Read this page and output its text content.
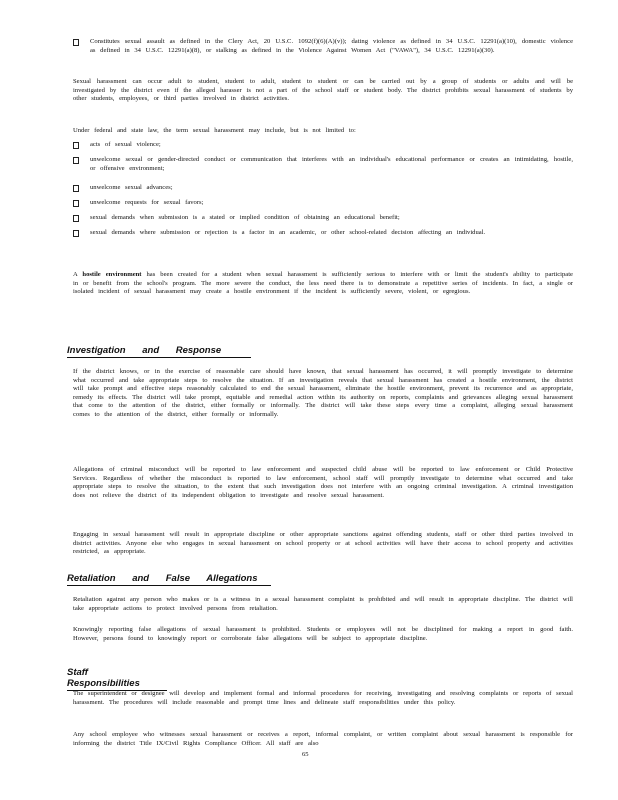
Constitutes sexual assault as defined in the Clery Act, 20 U.S.C. 1092(f)(6)(A)(v)); dating violence as defined in 34 U.S.C. 12291(a)(10), domestic violence as defined in 34 U.S.C. 12291(a)(8), or stalking as defined in the Violence Against Women Act ("VAWA"), 34 U.S.C. 12291(a)(30).
Sexual harassment can occur adult to student, student to adult, student to student or can be carried out by a group of students or adults and will be investigated by the district even if the alleged harasser is not a part of the school staff or student body. The district prohibits sexual harassment of students by other students, employees, or third parties involved in district activities.
Under federal and state law, the term sexual harassment may include, but is not limited to:
acts of sexual violence;
unwelcome sexual or gender-directed conduct or communication that interferes with an individual's educational performance or creates an intimidating, hostile, or offensive environment;
unwelcome sexual advances;
unwelcome requests for sexual favors;
sexual demands when submission is a stated or implied condition of obtaining an educational benefit;
sexual demands where submission or rejection is a factor in an academic, or other school-related decision affecting an individual.
A hostile environment has been created for a student when sexual harassment is sufficiently serious to interfere with or limit the student's ability to participate in or benefit from the school's program. The more severe the conduct, the less need there is to demonstrate a repetitive series of incidents. In fact, a single or isolated incident of sexual harassment may create a hostile environment if the incident is sufficiently severe, violent, or egregious.
Investigation and Response
If the district knows, or in the exercise of reasonable care should have known, that sexual harassment has occurred, it will promptly investigate to determine what occurred and take appropriate steps to resolve the situation. If an investigation reveals that sexual harassment has created a hostile environment, the district will take prompt and effective steps reasonably calculated to end the sexual harassment, eliminate the hostile environment, prevent its recurrence and as appropriate, remedy its effects. The district will take prompt, equitable and remedial action within its authority on reports, complaints and grievances alleging sexual harassment that come to the attention of the district, either formally or informally. The district will take these steps every time a complaint, alleging sexual harassment comes to the attention of the district, either formally or informally.
Allegations of criminal misconduct will be reported to law enforcement and suspected child abuse will be reported to law enforcement or Child Protective Services. Regardless of whether the misconduct is reported to law enforcement, school staff will promptly investigate to determine what occurred and take appropriate steps to resolve the situation, to the extent that such investigation does not interfere with an ongoing criminal investigation. A criminal investigation does not relieve the district of its independent obligation to investigate and resolve sexual harassment.
Engaging in sexual harassment will result in appropriate discipline or other appropriate sanctions against offending students, staff or other third parties involved in district activities. Anyone else who engages in sexual harassment on school property or at school activities will have their access to school property and activities restricted, as appropriate.
Retaliation and False Allegations
Retaliation against any person who makes or is a witness in a sexual harassment complaint is prohibited and will result in appropriate discipline. The district will take appropriate actions to protect involved persons from retaliation.
Knowingly reporting false allegations of sexual harassment is prohibited. Students or employees will not be disciplined for making a report in good faith. However, persons found to knowingly report or corroborate false allegations will be subject to appropriate discipline.
Staff Responsibilities
The superintendent or designee will develop and implement formal and informal procedures for receiving, investigating and resolving complaints or reports of sexual harassment. The procedures will include reasonable and prompt time lines and delineate staff responsibilities under this policy.
Any school employee who witnesses sexual harassment or receives a report, informal complaint, or written complaint about sexual harassment is responsible for informing the district Title IX/Civil Rights Compliance Officer. All staff are also
65
